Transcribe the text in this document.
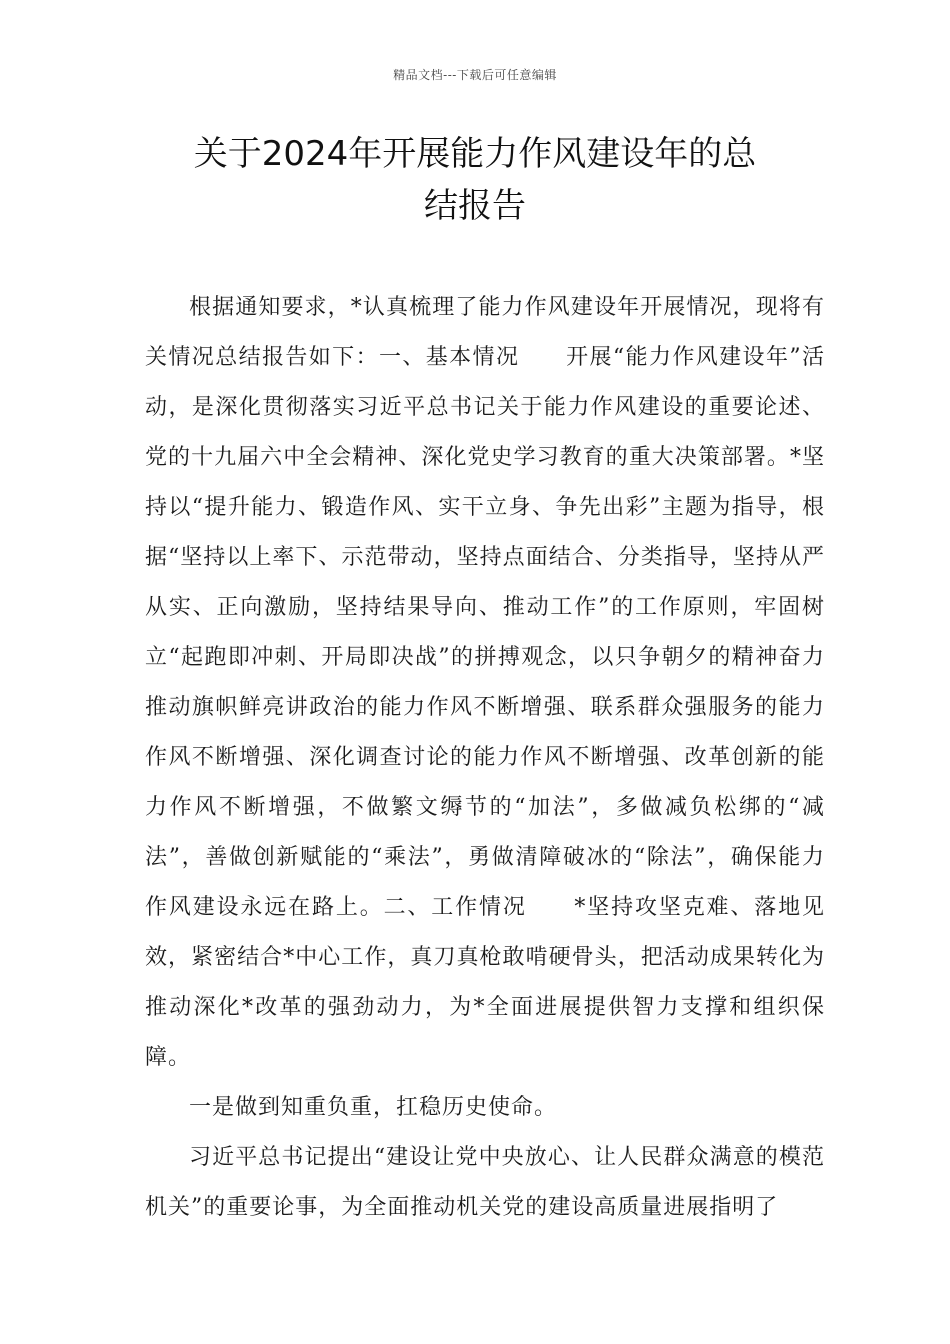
精品文档---下载后可任意编辑
关于2024年开展能力作风建设年的总
结报告

根据通知要求，*认真梳理了能力作风建设年开展情况，现将有关情况总结报告如下：一、基本情况　　开展“能力作风建设年”活动，是深化贯彻落实习近平总书记关于能力作风建设的重要论述、党的十九届六中全会精神、深化党史学习教育的重大决策部署。*坚持以“提升能力、锻造作风、实干立身、争先出彩”主题为指导，根据“坚持以上率下、示范带动，坚持点面结合、分类指导，坚持从严从实、正向激励，坚持结果导向、推动工作”的工作原则，牢固树立“起跑即冲刺、开局即决战”的拼搏观念，以只争朝夕的精神奋力推动旗帜鲜亮讲政治的能力作风不断增强、联系群众强服务的能力作风不断增强、深化调查讨论的能力作风不断增强、改革创新的能力作风不断增强，不做繁文缛节的“加法”，多做减负松绑的“减法”，善做创新赋能的“乘法”，勇做清障破冰的“除法”，确保能力作风建设永远在路上。二、工作情况　　*坚持攻坚克难、落地见效，紧密结合*中心工作，真刀真枪敢啃硬骨头，把活动成果转化为推动深化*改革的强劲动力，为*全面进展提供智力支撑和组织保障。

一是做到知重负重，扛稳历史使命。

习近平总书记提出“建设让党中央放心、让人民群众满意的模范机关”的重要论事，为全面推动机关党的建设高质量进展指明了
